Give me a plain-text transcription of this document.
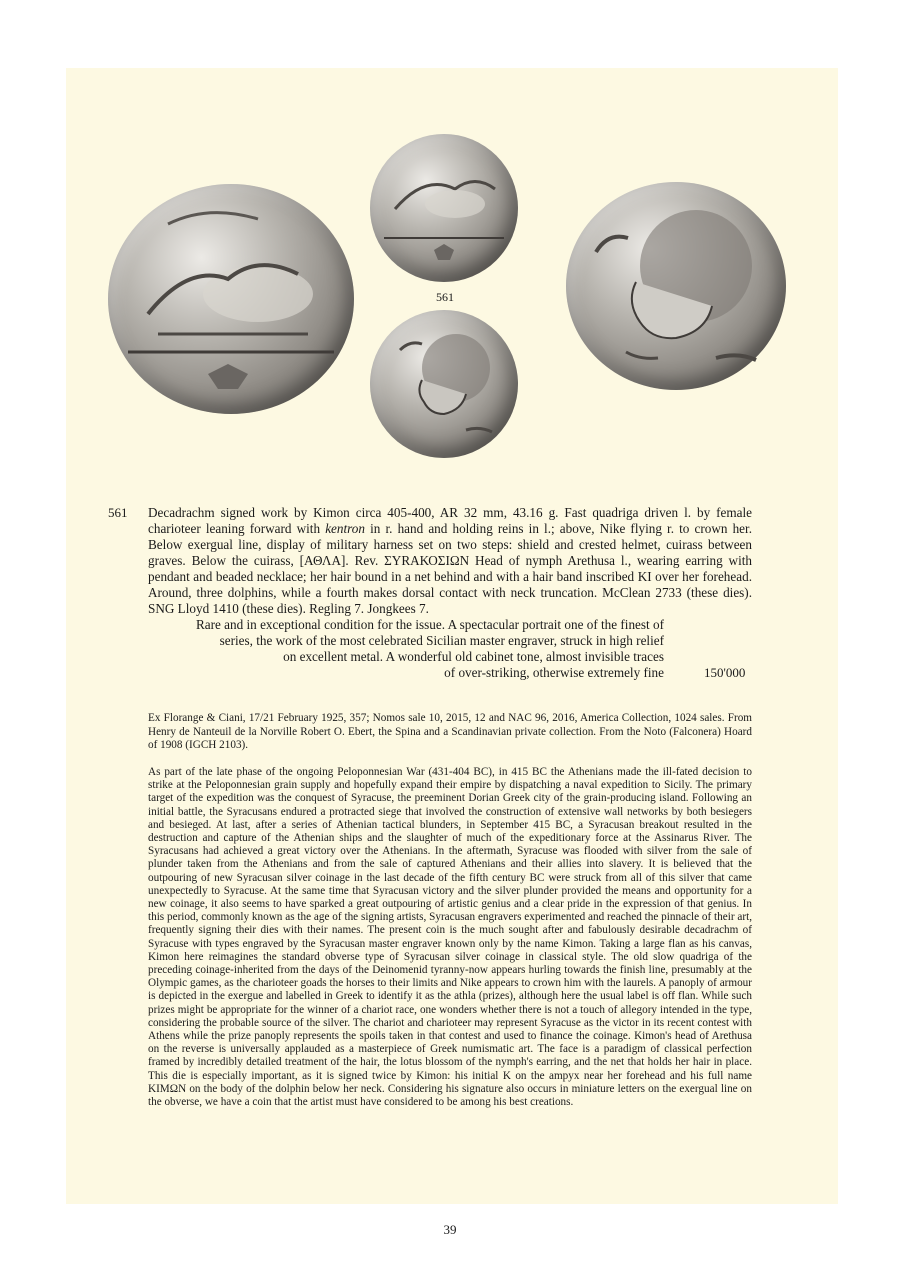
561
561 Decadrachm signed work by Kimon circa 405-400, AR 32 mm, 43.16 g. Fast quadriga driven l. by female charioteer leaning forward with kentron in r. hand and holding reins in l.; above, Nike flying r. to crown her. Below exergual line, display of military harness set on two steps: shield and crested helmet, cuirass between graves. Below the cuirass, [ΑΘΛΑ]. Rev. ΣΥRΑΚΟΣΙΩΝ Head of nymph Arethusa l., wearing earring with pendant and beaded necklace; her hair bound in a net behind and with a hair band inscribed KI over her forehead. Around, three dolphins, while a fourth makes dorsal contact with neck truncation. McClean 2733 (these dies). SNG Lloyd 1410 (these dies). Regling 7. Jongkees 7.

Rare and in exceptional condition for the issue. A spectacular portrait one of the finest of
series, the work of the most celebrated Sicilian master engraver, struck in high relief
on excellent metal. A wonderful old cabinet tone, almost invisible traces
of over-striking, otherwise extremely fine	150'000

Ex Florange & Ciani, 17/21 February 1925, 357; Nomos sale 10, 2015, 12 and NAC 96, 2016, America Collection, 1024 sales. From Henry de Nanteuil de la Norville Robert O. Ebert, the Spina and a Scandinavian private collection. From the Noto (Falconera) Hoard of 1908 (IGCH 2103).

As part of the late phase of the ongoing Peloponnesian War (431-404 BC), in 415 BC the Athenians made the ill-fated decision to strike at the Peloponnesian grain supply and hopefully expand their empire by dispatching a naval expedition to Sicily. The primary target of the expedition was the conquest of Syracuse, the preeminent Dorian Greek city of the grain-producing island. Following an initial battle, the Syracusans endured a protracted siege that involved the construction of extensive wall networks by both besiegers and besieged. At last, after a series of Athenian tactical blunders, in September 415 BC, a Syracusan breakout resulted in the destruction and capture of the Athenian ships and the slaughter of much of the expeditionary force at the Assinarus River. The Syracusans had achieved a great victory over the Athenians. In the aftermath, Syracuse was flooded with silver from the sale of plunder taken from the Athenians and from the sale of captured Athenians and their allies into slavery. It is believed that the outpouring of new Syracusan silver coinage in the last decade of the fifth century BC were struck from all of this silver that came unexpectedly to Syracuse. At the same time that Syracusan victory and the silver plunder provided the means and opportunity for a new coinage, it also seems to have sparked a great outpouring of artistic genius and a clear pride in the expression of that genius. In this period, commonly known as the age of the signing artists, Syracusan engravers experimented and reached the pinnacle of their art, frequently signing their dies with their names. The present coin is the much sought after and fabulously desirable decadrachm of Syracuse with types engraved by the Syracusan master engraver known only by the name Kimon. Taking a large flan as his canvas, Kimon here reimagines the standard obverse type of Syracusan silver coinage in classical style. The old slow quadriga of the preceding coinage-inherited from the days of the Deinomenid tyranny-now appears hurling towards the finish line, presumably at the Olympic games, as the charioteer goads the horses to their limits and Nike appears to crown him with the laurels. A panoply of armour is depicted in the exergue and labelled in Greek to identify it as the athla (prizes), although here the usual label is off flan. While such prizes might be appropriate for the winner of a chariot race, one wonders whether there is not a touch of allegory intended in the type, considering the probable source of the silver. The chariot and charioteer may represent Syracuse as the victor in its recent contest with Athens while the prize panoply represents the spoils taken in that contest and used to finance the coinage. Kimon's head of Arethusa on the reverse is universally applauded as a masterpiece of Greek numismatic art. The face is a paradigm of classical perfection framed by incredibly detailed treatment of the hair, the lotus blossom of the nymph's earring, and the net that holds her hair in place. This die is especially important, as it is signed twice by Kimon: his initial K on the ampyx near her forehead and his full name KIMΩN on the body of the dolphin below her neck. Considering his signature also occurs in miniature letters on the exergual line on the obverse, we have a coin that the artist must have considered to be among his best creations.

39
